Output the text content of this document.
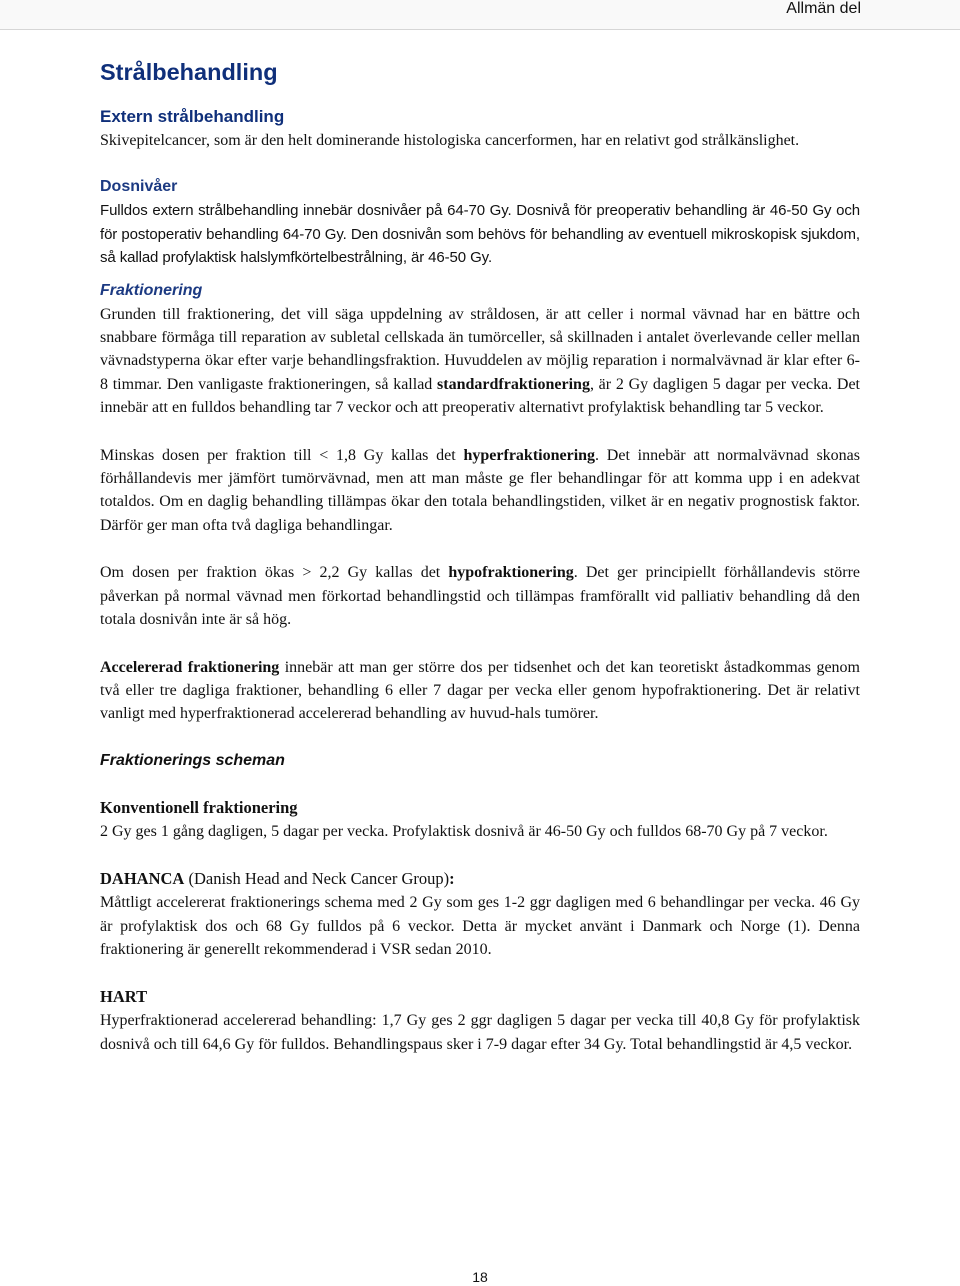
Allmän del
Strålbehandling
Extern strålbehandling

Skivepitelcancer, som är den helt dominerande histologiska cancerformen, har en relativt god strålkänslighet.

Dosnivåer

Fulldos extern strålbehandling innebär dosnivåer på 64-70 Gy. Dosnivå för preoperativ behandling är 46-50 Gy och för postoperativ behandling 64-70 Gy. Den dosnivån som behövs för behandling av eventuell mikroskopisk sjukdom, så kallad profylaktisk halslymfkörtelbestrålning, är 46-50 Gy.

Fraktionering

Grunden till fraktionering, det vill säga uppdelning av stråldosen, är att celler i normal vävnad har en bättre och snabbare förmåga till reparation av subletal cellskada än tumörceller, så skillnaden i antalet överlevande celler mellan vävnadstyperna ökar efter varje behandlingsfraktion. Huvuddelen av möjlig reparation i normalvävnad är klar efter 6-8 timmar. Den vanligaste fraktioneringen, så kallad standardfraktionering, är 2 Gy dagligen 5 dagar per vecka. Det innebär att en fulldos behandling tar 7 veckor och att preoperativ alternativt profylaktisk behandling tar 5 veckor.

Minskas dosen per fraktion till < 1,8 Gy kallas det hyperfraktionering. Det innebär att normalvävnad skonas förhållandevis mer jämfört tumörvävnad, men att man måste ge fler behandlingar för att komma upp i en adekvat totaldos. Om en daglig behandling tillämpas ökar den totala behandlingstiden, vilket är en negativ prognostisk faktor. Därför ger man ofta två dagliga behandlingar.

Om dosen per fraktion ökas > 2,2 Gy kallas det hypofraktionering. Det ger principiellt förhållandevis större påverkan på normal vävnad men förkortad behandlingstid och tillämpas framförallt vid palliativ behandling då den totala dosnivån inte är så hög.

Accelererad fraktionering innebär att man ger större dos per tidsenhet och det kan teoretiskt åstadkommas genom två eller tre dagliga fraktioner, behandling 6 eller 7 dagar per vecka eller genom hypofraktionering. Det är relativt vanligt med hyperfraktionerad accelererad behandling av huvud-hals tumörer.

Fraktionerings scheman

Konventionell fraktionering

2 Gy ges 1 gång dagligen, 5 dagar per vecka. Profylaktisk dosnivå är 46-50 Gy och fulldos 68-70 Gy på 7 veckor.

DAHANCA (Danish Head and Neck Cancer Group):

Måttligt accelererat fraktionerings schema med 2 Gy som ges 1-2 ggr dagligen med 6 behandlingar per vecka. 46 Gy är profylaktisk dos och 68 Gy fulldos på 6 veckor. Detta är mycket använt i Danmark och Norge (1). Denna fraktionering är generellt rekommenderad i VSR sedan 2010.

HART

Hyperfraktionerad accelererad behandling: 1,7 Gy ges 2 ggr dagligen 5 dagar per vecka till 40,8 Gy för profylaktisk dosnivå och till 64,6 Gy för fulldos. Behandlingspaus sker i 7-9 dagar efter 34 Gy. Total behandlingstid är 4,5 veckor.

18
